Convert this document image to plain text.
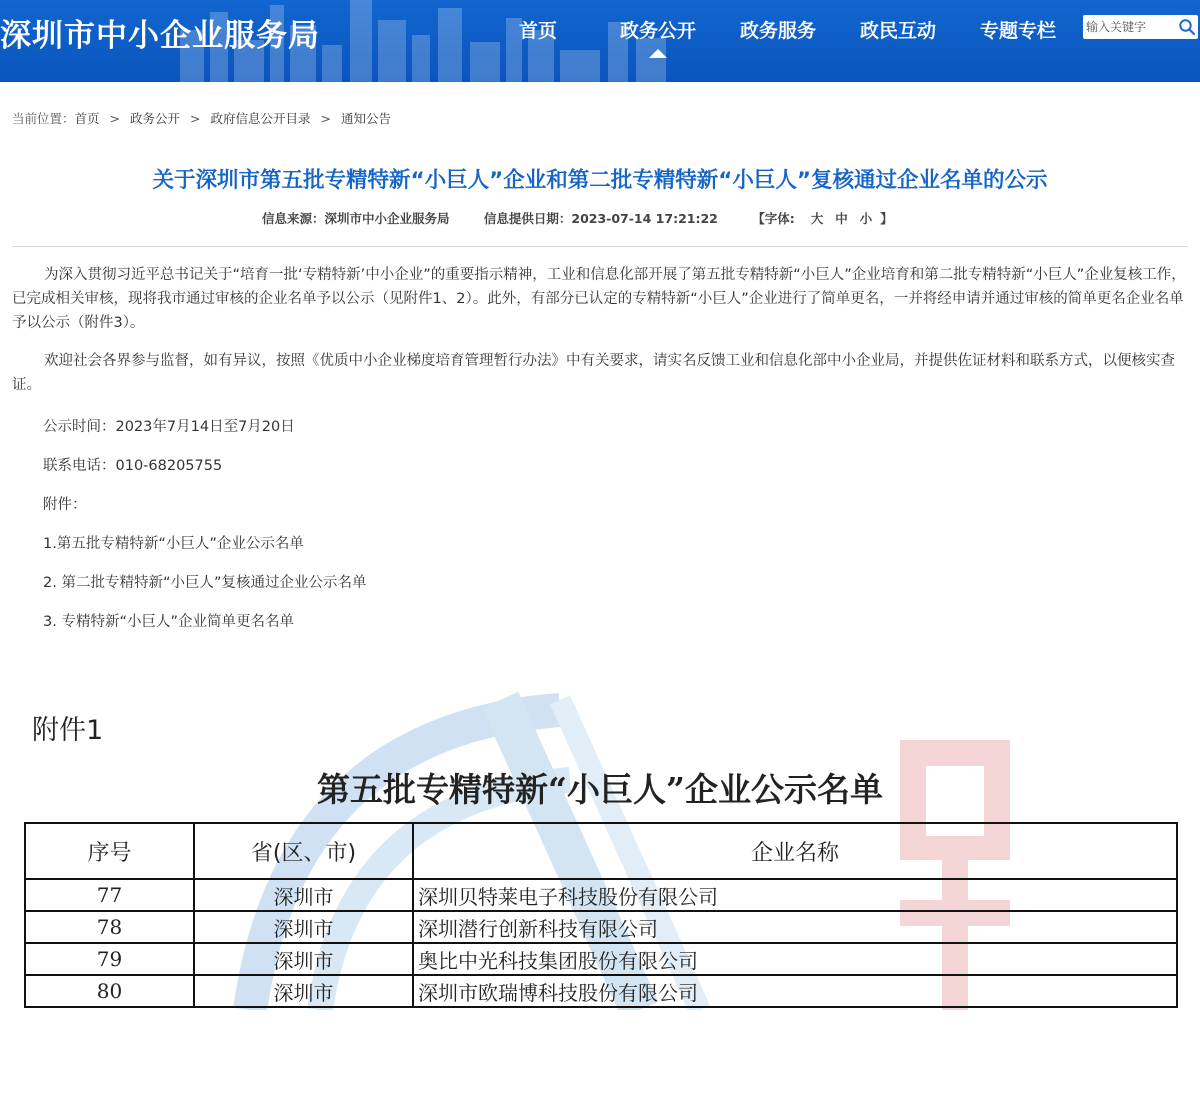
深圳市中小企业服务局	首页	政务公开	政务服务	政民互动	专题专栏
输入关键字
当前位置：首页 > 政务公开 > 政府信息公开目录 > 通知公告
关于深圳市第五批专精特新“小巨人”企业和第二批专精特新“小巨人”复核通过企业名单的公示
信息来源：深圳市中小企业服务局	信息提供日期：2023-07-14 17:21:22	【字体: 大 中 小 】
为深入贯彻习近平总书记关于“培育一批‘专精特新’中小企业”的重要指示精神，工业和信息化部开展了第五批专精特新“小巨人”企业培育和第二批专精特新“小巨人”企业复核工作，已完成相关审核，现将我市通过审核的企业名单予以公示（见附件1、2）。此外，有部分已认定的专精特新“小巨人”企业进行了简单更名，一并将经申请并通过审核的简单更名企业名单予以公示（附件3）。
欢迎社会各界参与监督，如有异议，按照《优质中小企业梯度培育管理暂行办法》中有关要求，请实名反馈工业和信息化部中小企业局，并提供佐证材料和联系方式，以便核实查证。
公示时间：2023年7月14日至7月20日
联系电话：010-68205755
附件：
1.第五批专精特新“小巨人”企业公示名单
2. 第二批专精特新“小巨人”复核通过企业公示名单
3. 专精特新“小巨人”企业简单更名名单
附件1
第五批专精特新“小巨人”企业公示名单
序号	省(区、市)	企业名称
77	深圳市	深圳贝特莱电子科技股份有限公司
78	深圳市	深圳潜行创新科技有限公司
79	深圳市	奥比中光科技集团股份有限公司
80	深圳市	深圳市欧瑞博科技股份有限公司
